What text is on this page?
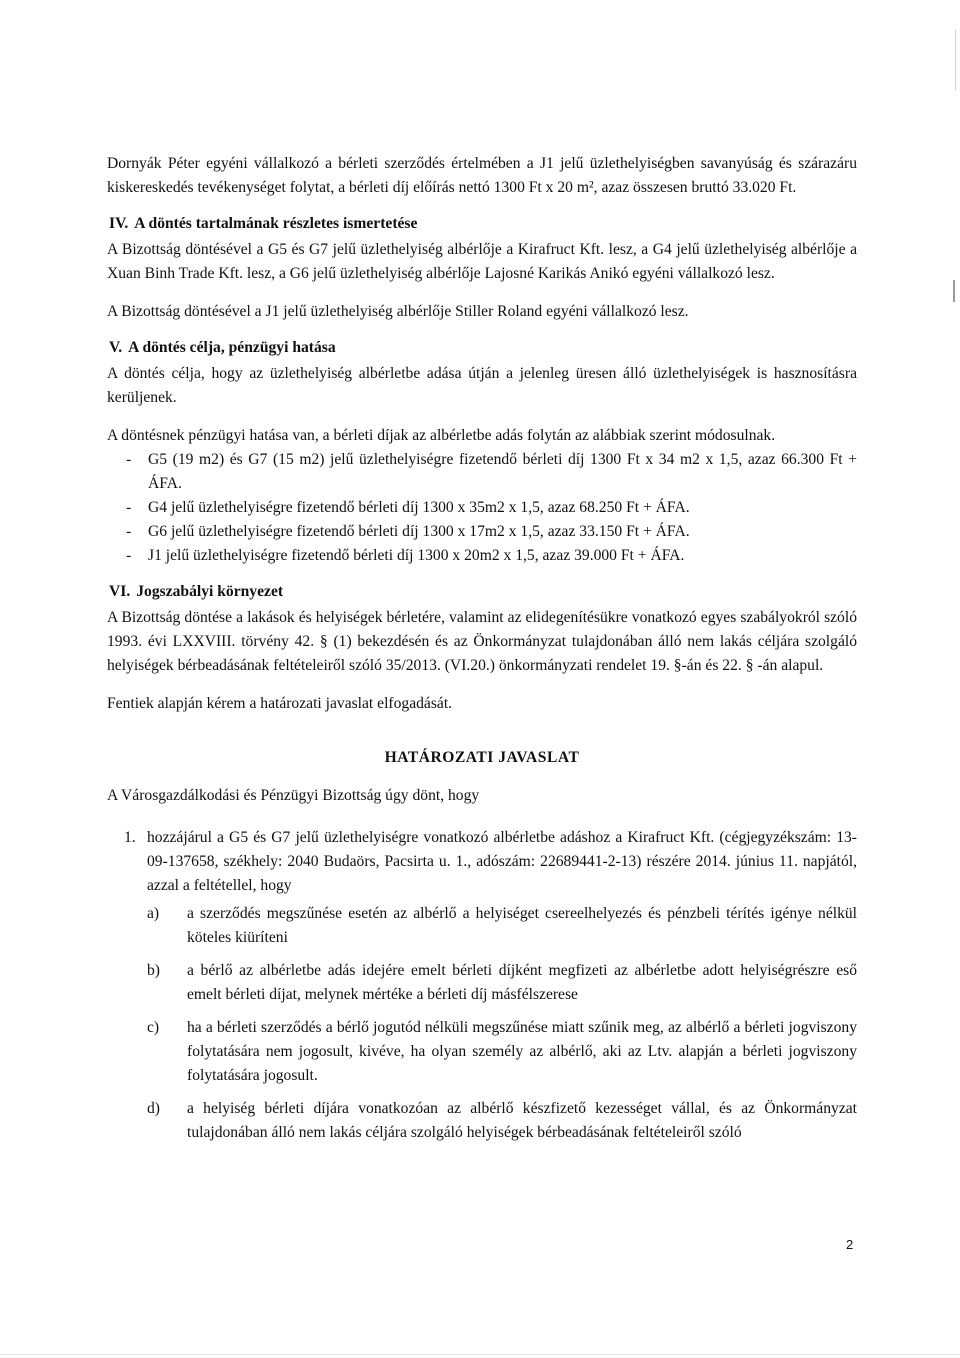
Dornyák Péter egyéni vállalkozó a bérleti szerződés értelmében a J1 jelű üzlethelyiségben savanyúság és szárazáru kiskereskedés tevékenységet folytat, a bérleti díj előírás nettó 1300 Ft x 20 m², azaz összesen bruttó 33.020 Ft.

IV. A döntés tartalmának részletes ismertetése

A Bizottság döntésével a G5 és G7 jelű üzlethelyiség albérlője a Kirafruct Kft. lesz, a G4 jelű üzlethelyiség albérlője a Xuan Binh Trade Kft. lesz, a G6 jelű üzlethelyiség albérlője Lajosné Karikás Anikó egyéni vállalkozó lesz.

A Bizottság döntésével a J1 jelű üzlethelyiség albérlője Stiller Roland egyéni vállalkozó lesz.

V. A döntés célja, pénzügyi hatása

A döntés célja, hogy az üzlethelyiség albérletbe adása útján a jelenleg üresen álló üzlethelyiségek is hasznosításra kerüljenek.

A döntésnek pénzügyi hatása van, a bérleti díjak az albérletbe adás folytán az alábbiak szerint módosulnak.

- G5 (19 m2) és G7 (15 m2) jelű üzlethelyiségre fizetendő bérleti díj 1300 Ft x 34 m2 x 1,5, azaz 66.300 Ft + ÁFA.
- G4 jelű üzlethelyiségre fizetendő bérleti díj 1300 x 35m2 x 1,5, azaz 68.250 Ft + ÁFA.
- G6 jelű üzlethelyiségre fizetendő bérleti díj 1300 x 17m2 x 1,5, azaz 33.150 Ft + ÁFA.
- J1 jelű üzlethelyiségre fizetendő bérleti díj 1300 x 20m2 x 1,5, azaz 39.000 Ft + ÁFA.
VI. Jogszabályi környezet

A Bizottság döntése a lakások és helyiségek bérletére, valamint az elidegenítésükre vonatkozó egyes szabályokról szóló 1993. évi LXXVIII. törvény 42. § (1) bekezdésén és az Önkormányzat tulajdonában álló nem lakás céljára szolgáló helyiségek bérbeadásának feltételeiről szóló 35/2013. (VI.20.) önkormányzati rendelet 19. §-án és 22. § -án alapul.

Fentiek alapján kérem a határozati javaslat elfogadását.

HATÁROZATI JAVASLAT

A Városgazdálkodási és Pénzügyi Bizottság úgy dönt, hogy

1. hozzájárul a G5 és G7 jelű üzlethelyiségre vonatkozó albérletbe adáshoz a Kirafruct Kft. (cégjegyzékszám: 13-09-137658, székhely: 2040 Budaörs, Pacsirta u. 1., adószám: 22689441-2-13) részére 2014. június 11. napjától, azzal a feltétellel, hogy
a) a szerződés megszűnése esetén az albérlő a helyiséget csereelhelyezés és pénzbeli térítés igénye nélkül köteles kiüríteni
b) a bérlő az albérletbe adás idejére emelt bérleti díjként megfizeti az albérletbe adott helyiségrészre eső emelt bérleti díjat, melynek mértéke a bérleti díj másfélszerese
c) ha a bérleti szerződés a bérlő jogutód nélküli megszűnése miatt szűnik meg, az albérlő a bérleti jogviszony folytatására nem jogosult, kivéve, ha olyan személy az albérlő, aki az Ltv. alapján a bérleti jogviszony folytatására jogosult.
d) a helyiség bérleti díjára vonatkozóan az albérlő készfizető kezességet vállal, és az Önkormányzat tulajdonában álló nem lakás céljára szolgáló helyiségek bérbeadásának feltételeiről szóló
2
